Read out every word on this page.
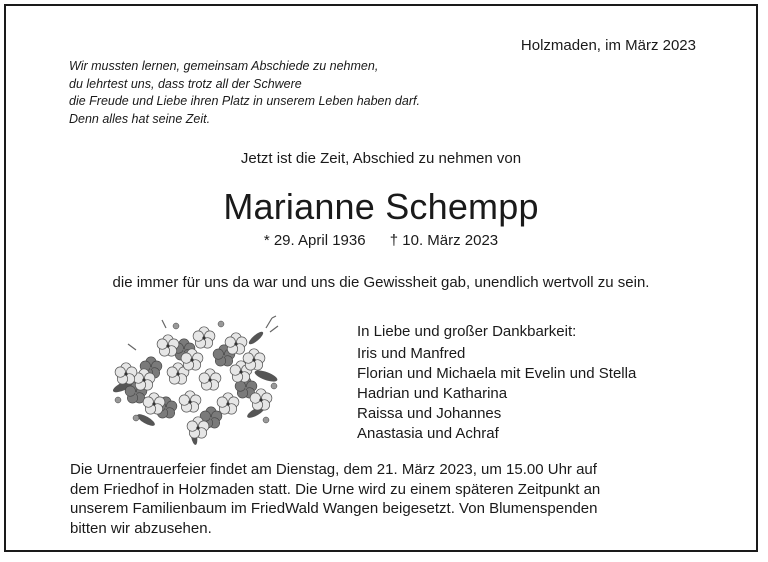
Holzmaden, im März 2023
Wir mussten lernen, gemeinsam Abschiede zu nehmen,
du lehrtest uns, dass trotz all der Schwere
die Freude und Liebe ihren Platz in unserem Leben haben darf.
Denn alles hat seine Zeit.
Jetzt ist die Zeit, Abschied zu nehmen von
Marianne Schempp
* 29. April 1936 † 10. März 2023
die immer für uns da war und uns die Gewissheit gab, unendlich wertvoll zu sein.
In Liebe und großer Dankbarkeit:
Iris und Manfred
Florian und Michaela mit Evelin und Stella
Hadrian und Katharina
Raissa und Johannes
Anastasia und Achraf
Die Urnentrauerfeier findet am Dienstag, dem 21. März 2023, um 15.00 Uhr auf
dem Friedhof in Holzmaden statt. Die Urne wird zu einem späteren Zeitpunkt an
unserem Familienbaum im FriedWald Wangen beigesetzt. Von Blumenspenden
bitten wir abzusehen.
